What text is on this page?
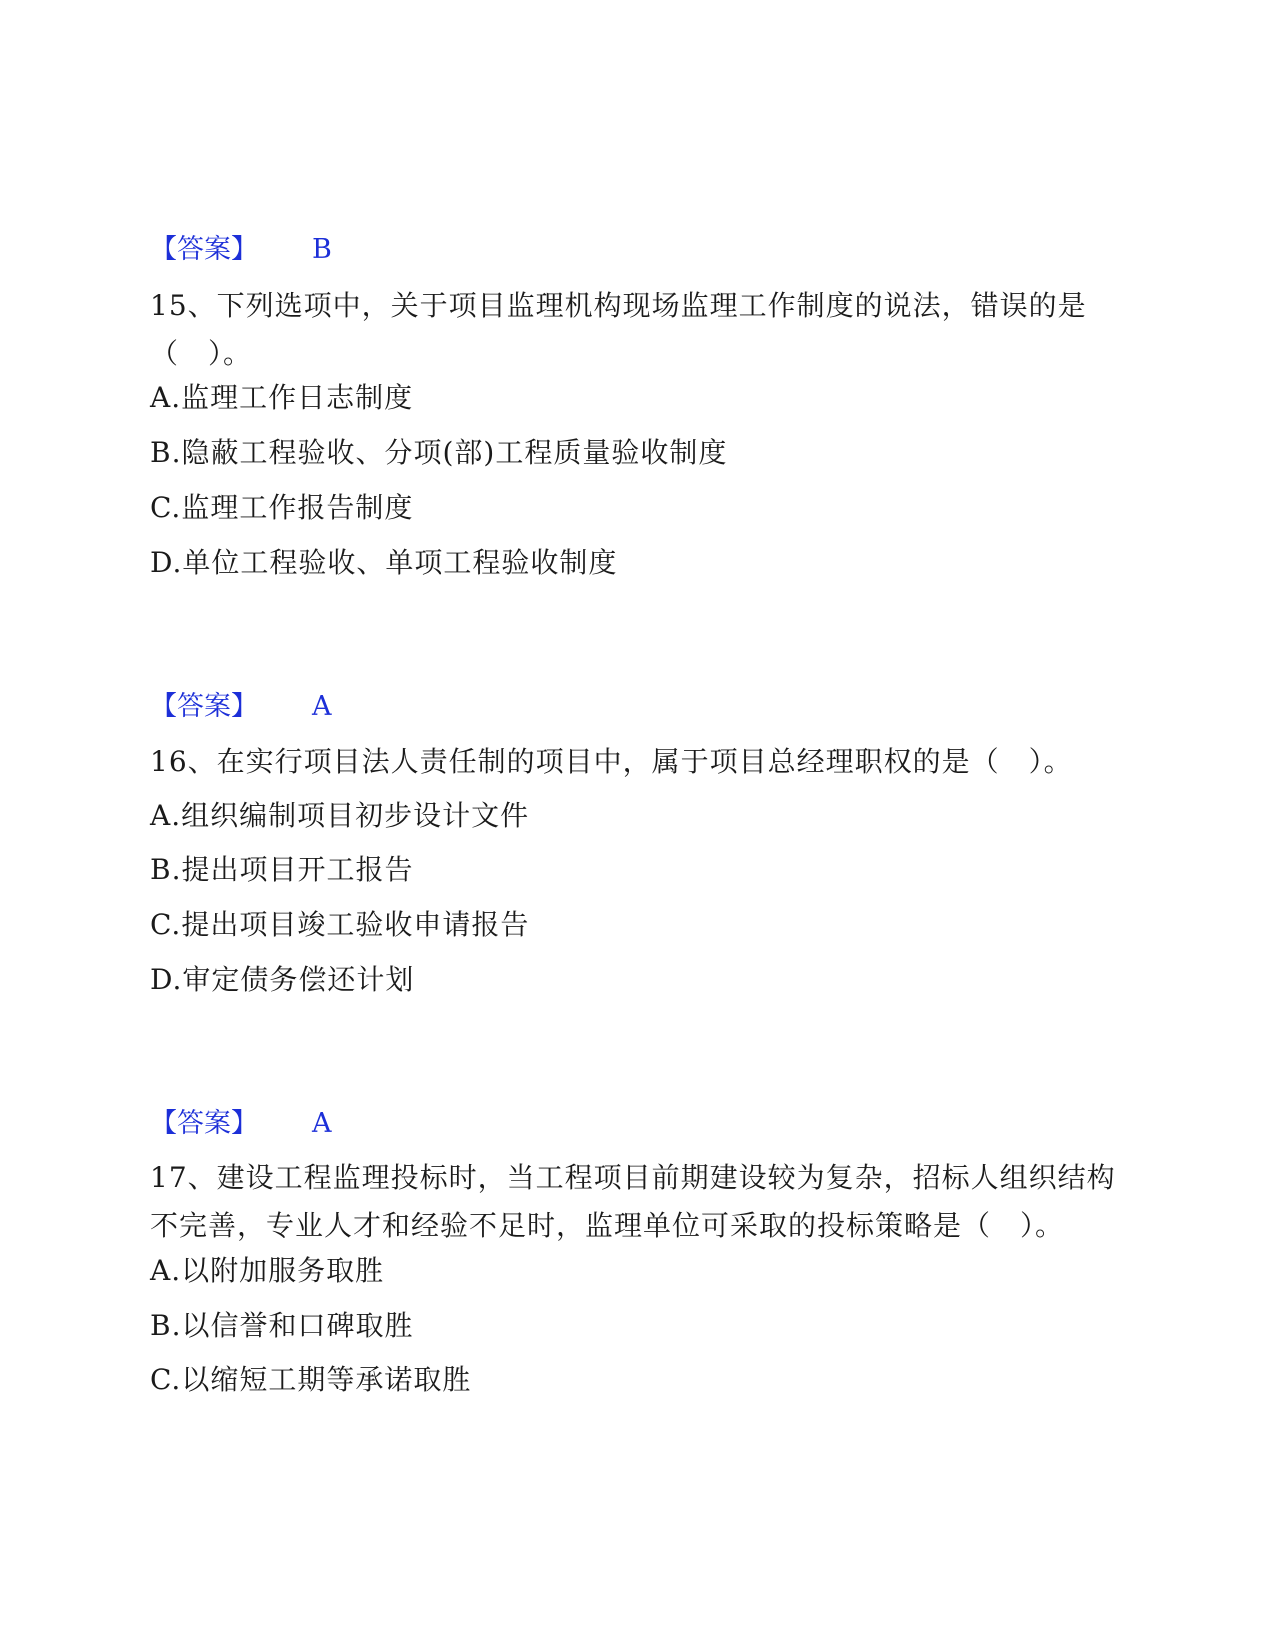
【答案】 B
15、下列选项中，关于项目监理机构现场监理工作制度的说法，错误的是（　）。
A.监理工作日志制度
B.隐蔽工程验收、分项(部)工程质量验收制度
C.监理工作报告制度
D.单位工程验收、单项工程验收制度
【答案】 A
16、在实行项目法人责任制的项目中，属于项目总经理职权的是（　）。
A.组织编制项目初步设计文件
B.提出项目开工报告
C.提出项目竣工验收申请报告
D.审定债务偿还计划
【答案】 A
17、建设工程监理投标时，当工程项目前期建设较为复杂，招标人组织结构不完善，专业人才和经验不足时，监理单位可采取的投标策略是（　）。
A.以附加服务取胜
B.以信誉和口碑取胜
C.以缩短工期等承诺取胜
